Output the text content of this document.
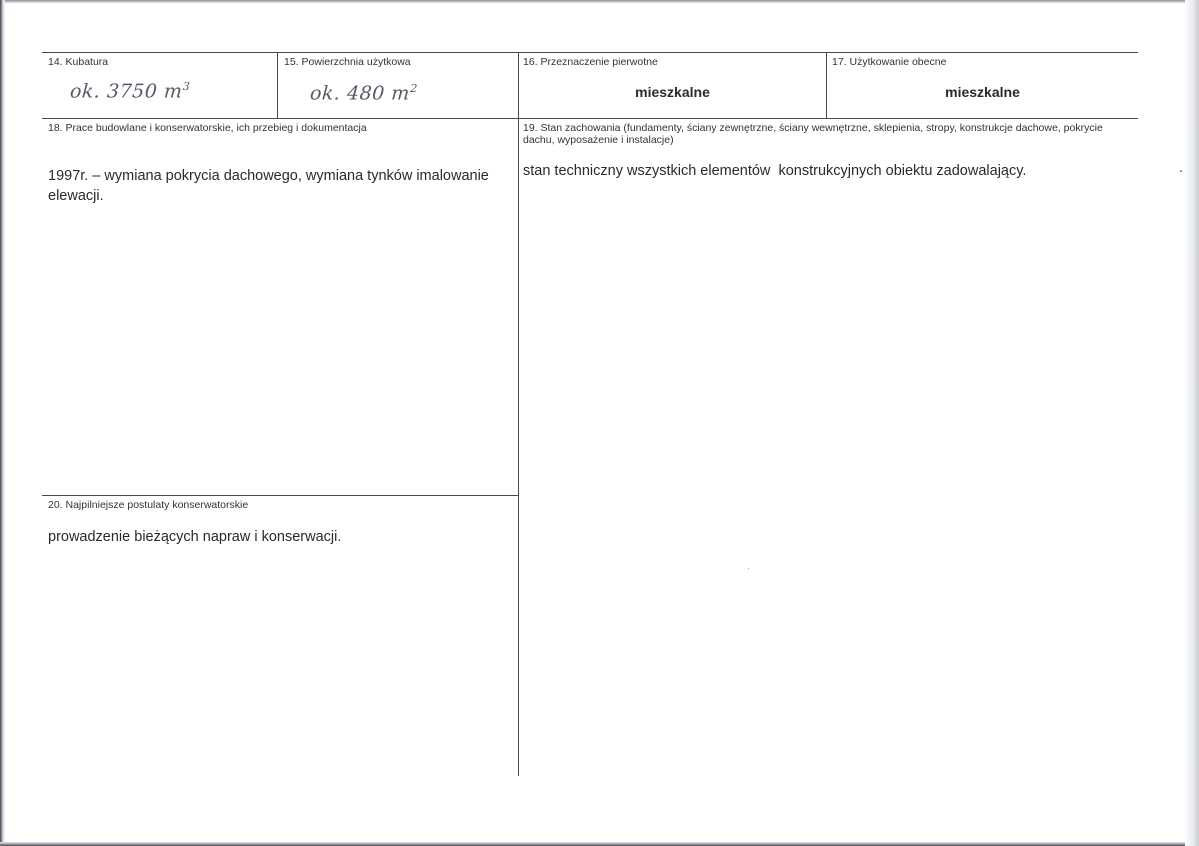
14. Kubatura
ok. 3750 $m^3$
15. Powierzchnia użytkowa
ok. 480 $m^2$
16. Przeznaczenie pierwotne
mieszkalne
17. Użytkowanie obecne
mieszkalne
18. Prace budowlane i konserwatorskie, ich przebieg i dokumentacja
1997r. – wymiana pokrycia dachowego, wymiana tynków imalowanie elewacji.
19. Stan zachowania (fundamenty, ściany zewnętrzne, ściany wewnętrzne, sklepienia, stropy, konstrukcje dachowe, pokrycie dachu, wyposażenie i instalacje)
stan techniczny wszystkich elementów  konstrukcyjnych obiektu zadowalający.
20. Najpilniejsze postulaty konserwatorskie
prowadzenie bieżących napraw i konserwacji.
